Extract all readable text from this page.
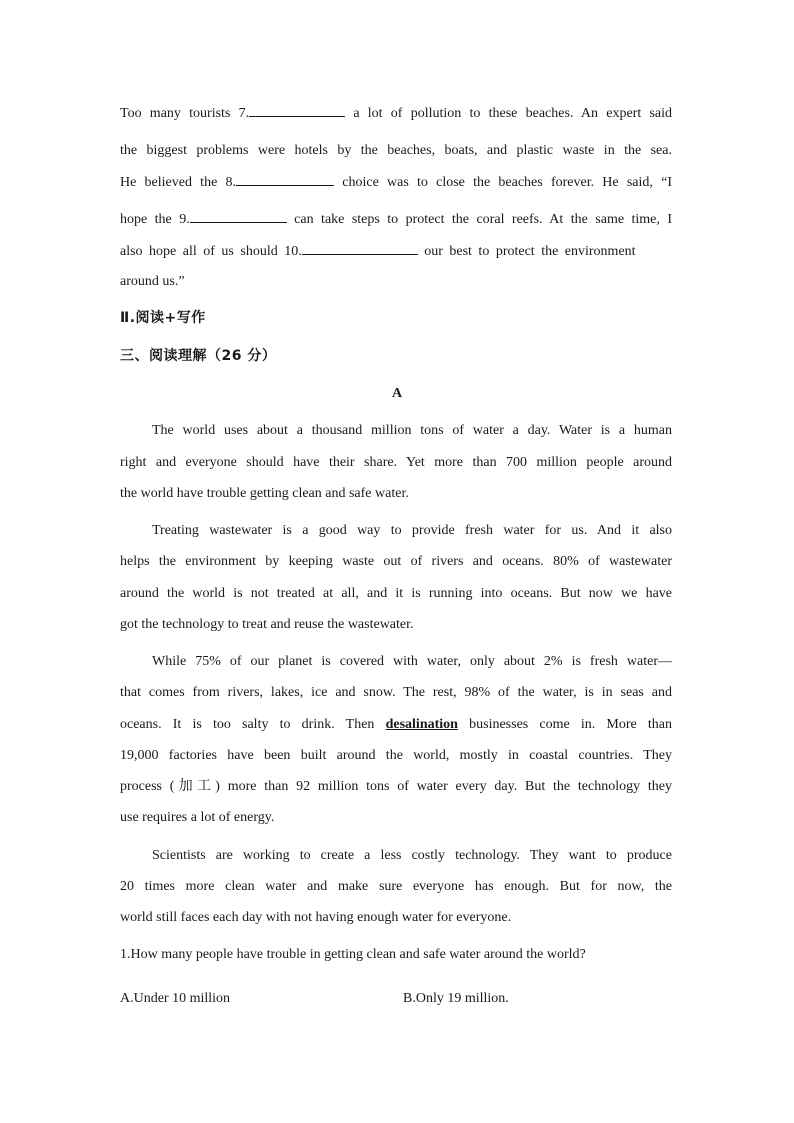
Too many tourists 7.	a lot of pollution to these beaches. An expert said
the biggest problems were hotels by the beaches, boats, and plastic waste in the sea.
He believed the 8.	choice was to close the beaches forever. He said, “I
hope the 9.	can take steps to protect the coral reefs. At the same time, I
also hope all of us should 10.	our best to protect the environment
around us.”
Ⅱ.阅读+写作
三、阅读理解（26 分）
A
The world uses about a thousand million tons of water a day. Water is a human
right and everyone should have their share. Yet more than 700 million people around
the world have trouble getting clean and safe water.
Treating wastewater is a good way to provide fresh water for us. And it also
helps the environment by keeping waste out of rivers and oceans. 80% of wastewater
around the world is not treated at all, and it is running into oceans. But now we have
got the technology to treat and reuse the wastewater.
While 75% of our planet is covered with water, only about 2% is fresh water—
that comes from rivers, lakes, ice and snow. The rest, 98% of the water, is in seas and
oceans. It is too salty to drink. Then desalination businesses come in. More than
19,000 factories have been built around the world, mostly in coastal countries. They
process (加工) more than 92 million tons of water every day. But the technology they
use requires a lot of energy.
Scientists are working to create a less costly technology. They want to produce
20 times more clean water and make sure everyone has enough. But for now, the
world still faces each day with not having enough water for everyone.
1.How many people have trouble in getting clean and safe water around the world?
A.Under 10 million	B.Only 19 million.
